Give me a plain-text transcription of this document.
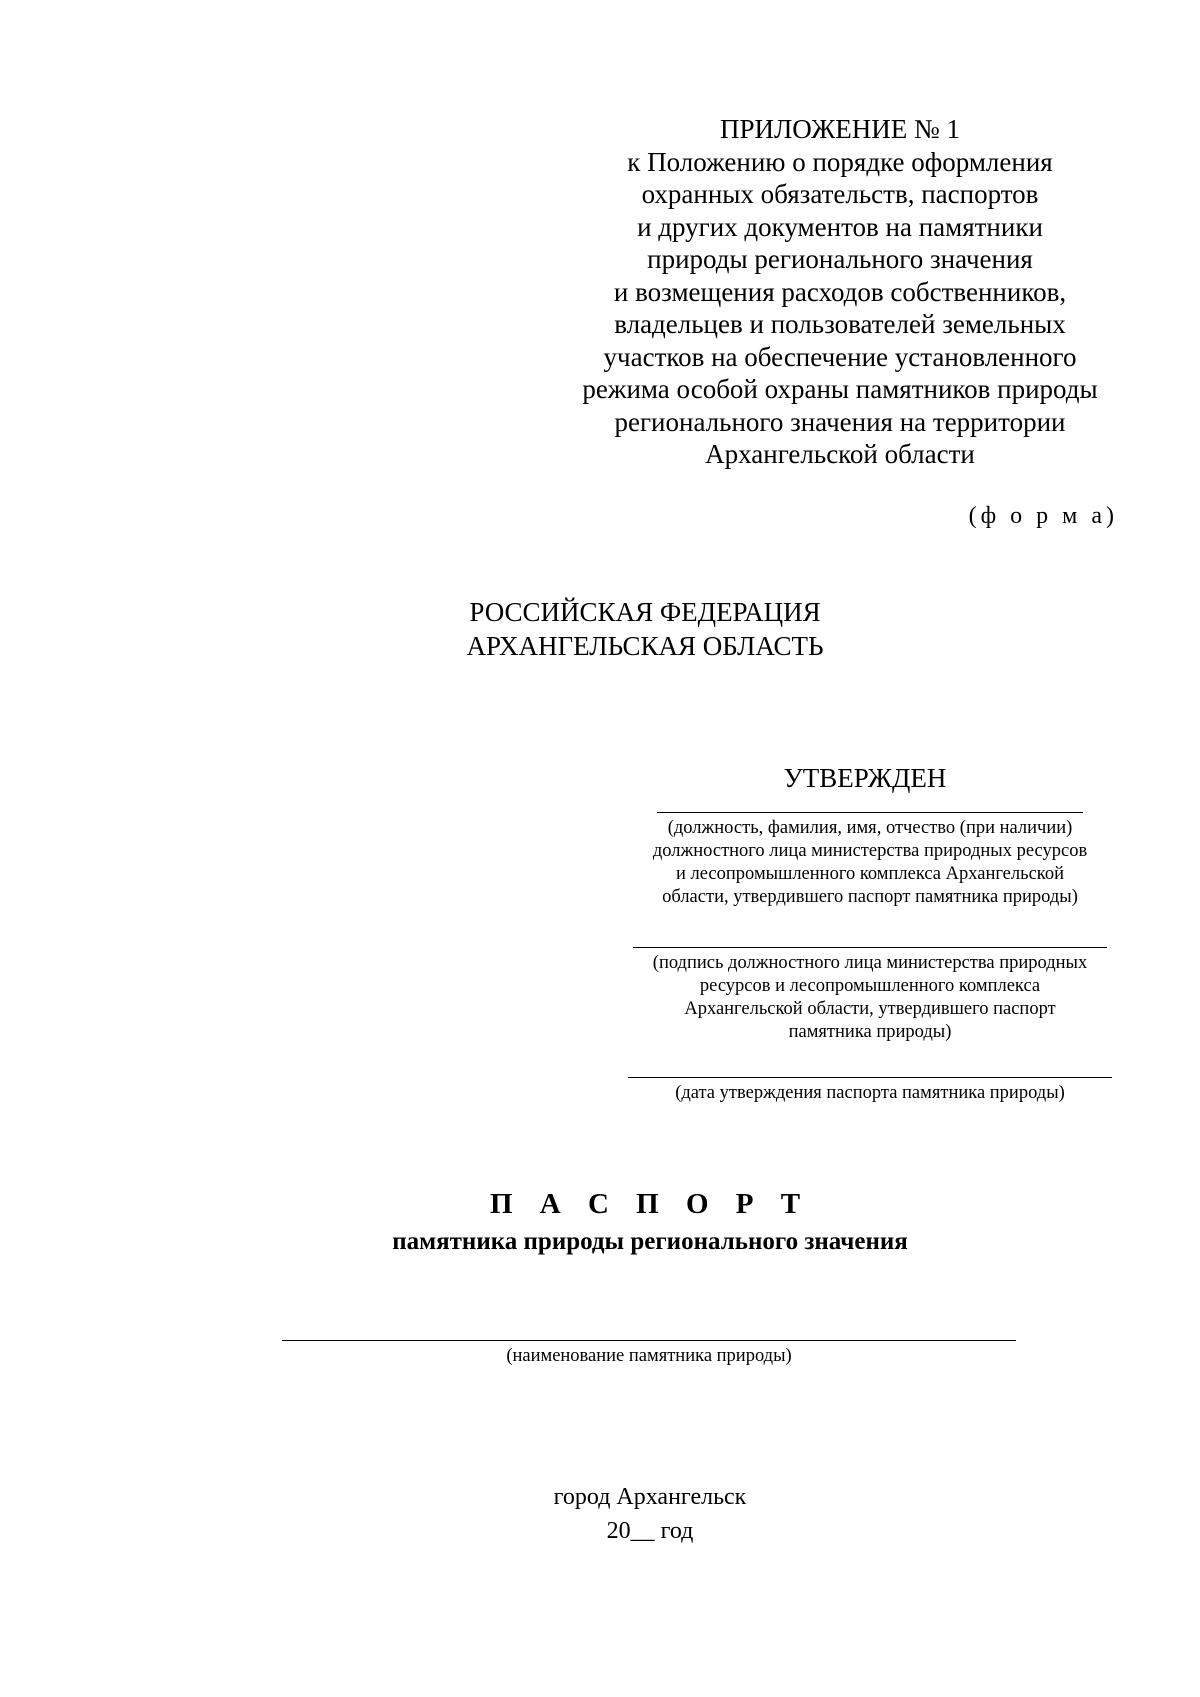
ПРИЛОЖЕНИЕ № 1
к Положению о порядке оформления
охранных обязательств, паспортов
и других документов на памятники
природы регионального значения
и возмещения расходов собственников,
владельцев и пользователей земельных
участков на обеспечение установленного
режима особой охраны памятников природы
регионального значения на территории
Архангельской области
(ф о р м а)
РОССИЙСКАЯ ФЕДЕРАЦИЯ
АРХАНГЕЛЬСКАЯ ОБЛАСТЬ
УТВЕРЖДЕН
(должность, фамилия, имя, отчество (при наличии)
должностного лица министерства природных ресурсов
и лесопромышленного комплекса Архангельской
области, утвердившего паспорт памятника природы)
(подпись должностного лица министерства природных
ресурсов и лесопромышленного комплекса
Архангельской области, утвердившего паспорт
памятника природы)
(дата утверждения паспорта памятника природы)
П А С П О Р Т
памятника природы регионального значения
(наименование памятника природы)
город Архангельск
20__ год
